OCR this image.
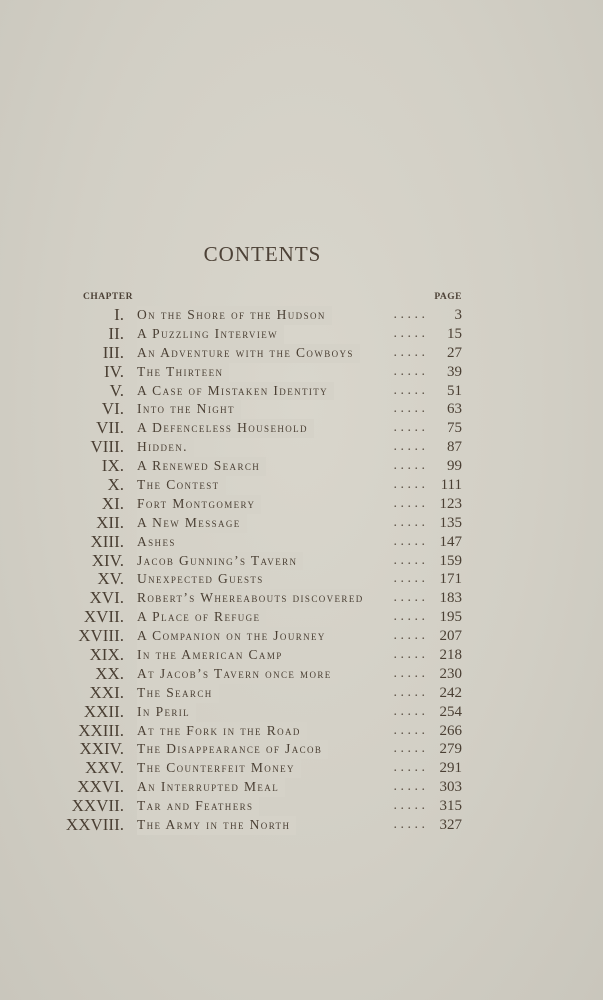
CONTENTS
CHAPTER	PAGE
. . . . .
I. On the Shore of the Hudson	3
. . . . .
II. A Puzzling Interview	15
. . . . .
III. An Adventure with the Cowboys	27
. . . . .
IV. The Thirteen	39
. . . . .
V. A Case of Mistaken Identity	51
. . . . .
VI. Into the Night	63
. . . . .
VII. A Defenceless Household	75
. . . . .
VIII. Hidden.	87
. . . . .
IX. A Renewed Search	99
. . . . .
X. The Contest	111
. . . . .
XI. Fort Montgomery	123
. . . . .
XII. A New Message	135
. . . . .
XIII. Ashes	147
. . . . .
XIV. Jacob Gunning’s Tavern	159
. . . . .
XV. Unexpected Guests	171
. . . . .
XVI. Robert’s Whereabouts discovered	183
. . . . .
XVII. A Place of Refuge	195
. . . . .
XVIII. A Companion on the Journey	207
. . . . .
XIX. In the American Camp	218
. . . . .
XX. At Jacob’s Tavern once more	230
. . . . .
XXI. The Search	242
. . . . .
XXII. In Peril	254
. . . . .
XXIII. At the Fork in the Road	266
. . . . .
XXIV. The Disappearance of Jacob	279
. . . . .
XXV. The Counterfeit Money	291
. . . . .
XXVI. An Interrupted Meal	303
. . . . .
XXVII. Tar and Feathers	315
. . . . .
XXVIII. The Army in the North	327
